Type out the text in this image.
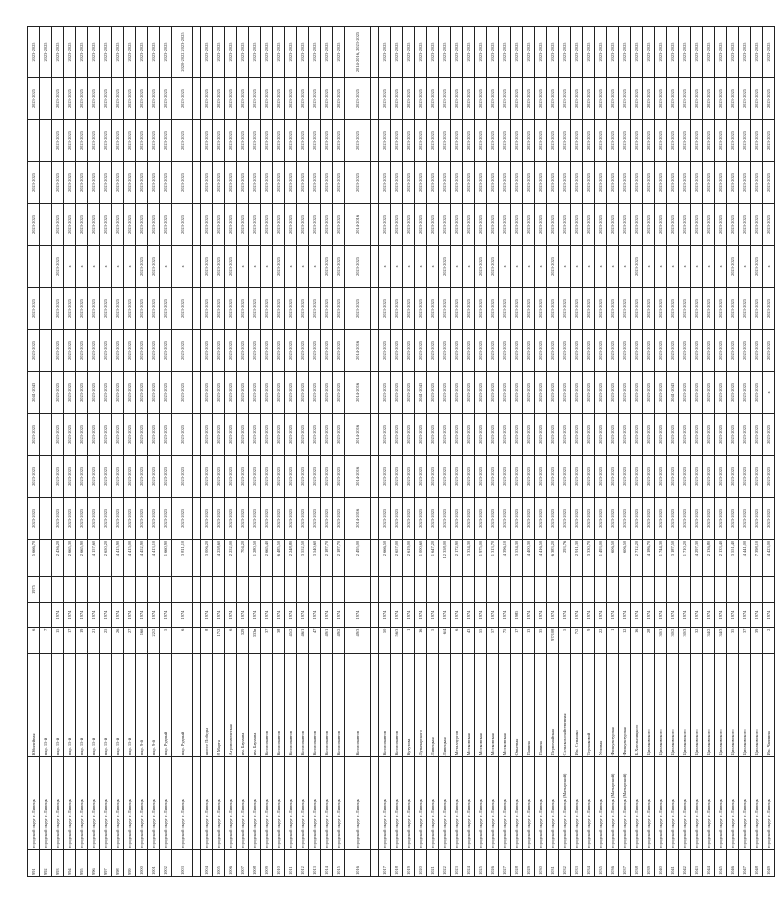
991	городской округ г. Липецк	Юбилейная	6		1975	5 666,70	2023-2025	2023-2025	2023-2025	2041-2043	2023-2025	2023-2025		2023-2025	2023-2025		2023-2025	2023-2025
992	городской округ г. Липецк	мкр. 15-й	7															2023-2025
993	городской округ г. Липецк	мкр. 15-й	15	1974		2 436,20	2023-2025	2023-2025	2023-2025	2023-2025	2023-2025	2023-2025	2023-2025	2023-2025	2023-2025	2023-2025	2023-2025	2023-2025
994	городской округ г. Липецк	мкр. 15-й	17	1974		2 665,30	2023-2025	2023-2025	2023-2025	2023-2025	2023-2025	2023-2025	х	2023-2025	2023-2025	2023-2025	2023-2025	2023-2025
995	городской округ г. Липецк	мкр. 15-й	19	1974		2 665,90	2023-2025	2023-2025	2023-2025	2023-2025	2023-2025	2023-2025	х	2023-2025	2023-2025	2023-2025	2023-2025	2023-2025
996	городской округ г. Липецк	мкр. 15-й	21	1974		4 157,60	2023-2025	2023-2025	2023-2025	2023-2025	2023-2025	2023-2025	х	2023-2025	2023-2025	2023-2025	2023-2025	2023-2025
997	городской округ г. Липецк	мкр. 15-й	25	1974		2 650,20	2023-2025	2023-2025	2023-2025	2023-2025	2023-2025	2023-2025	х	2023-2025	2023-2025	2023-2025	2023-2025	2023-2025
998	городской округ г. Липецк	мкр. 15-й	26	1974		4 415,90	2023-2025	2023-2025	2023-2025	2023-2025	2023-2025	2023-2025	х	2023-2025	2023-2025	2023-2025	2023-2025	2023-2025
999	городской округ г. Липецк	мкр. 15-й	27	1974		4 415,00	2023-2025	2023-2025	2023-2025	2023-2025	2023-2025	2023-2025	х	2023-2025	2023-2025	2023-2025	2023-2025	2023-2025
1000	городской округ г. Липецк	мкр. 9-й	16б	1974		4 452,90	2023-2025	2023-2025	2023-2025	2023-2025	2023-2025	2023-2025	2023-2025	2023-2025	2023-2025	2023-2025	2023-2025	2023-2025
1001	городской округ г. Липецк	мкр. 9-й	22/2	1974		4 413,10	2023-2025	2023-2025	2023-2025	2023-2025	2023-2025	2023-2025	2023-2025	2023-2025	2023-2025	2023-2025	2023-2025	2023-2025
1002	городской округ г. Липецк	мкр. Рудный	5	1974		1 660,90	2023-2025	2023-2025	2023-2025	2023-2025	2023-2025	2023-2025	х	2023-2025	2023-2025	2023-2025	2023-2025	2023-2025
1003	городской округ г. Липецк	мкр. Рудный	6	1974		3 811,10	2023-2025	2023-2025	2023-2025	2023-2025	2023-2025	2023-2025	х	2023-2025	2023-2025	2023-2025	2023-2025	2020-2022 2023-2025

1004	городской округ г. Липецк	шоссе Победы	8	1974		3 006,20	2023-2025	2023-2025	2023-2025	2023-2025	2023-2025	2023-2025	2023-2025	2023-2025	2023-2025	2023-2025	2023-2025	2023-2025
1005	городской округ г. Липецк	8 Марта	17/2	1974		4 258,60	2023-2025	2023-2025	2023-2025	2023-2025	2023-2025	2023-2025	2023-2025	2023-2025	2023-2025	2023-2025	2023-2025	2023-2025
1006	городской округ г. Липецк	Агрономическая	6	1974		2 252,00	2023-2025	2023-2025	2023-2025	2023-2025	2023-2025	2023-2025	2023-2025	2023-2025	2023-2025	2023-2025	2023-2025	2023-2025
1007	городской округ г. Липецк	им. Баумана	329	1974		704,20	2023-2025	2023-2025	2023-2025	2023-2025	2023-2025	2023-2025	х	2023-2025	2023-2025	2023-2025	2023-2025	2023-2025
1008	городской округ г. Липецк	им. Баумана	333в	1974		1 280,50	2023-2025	2023-2025	2023-2025	2023-2025	2023-2025	2023-2025	х	2023-2025	2023-2025	2023-2025	2023-2025	2023-2025
1009	городской округ г. Липецк	Космонавтов	37	1974		2 665,40	2023-2025	2023-2025	2023-2025	2023-2025	2023-2025	2023-2025	х	2023-2025	2023-2025	2023-2025	2023-2025	2023-2025
1010	городской округ г. Липецк	Космонавтов	38	1974		6 485,50	2023-2025	2023-2025	2023-2025	2023-2025	2023-2025	2023-2025	2023-2025	2023-2025	2023-2025	2023-2025	2023-2025	2023-2025
1011	городской округ г. Липецк	Космонавтов	45/2	1974		2 248,80	2023-2025	2023-2025	2023-2025	2023-2025	2023-2025	2023-2025	х	2023-2025	2023-2025	2023-2025	2023-2025	2023-2025
1012	городской округ г. Липецк	Космонавтов	46/1	1974		3 552,50	2023-2025	2023-2025	2023-2025	2023-2025	2023-2025	2023-2025	х	2023-2025	2023-2025	2023-2025	2023-2025	2023-2025
1013	городской округ г. Липецк	Космонавтов	47	1974		3 540,60	2023-2025	2023-2025	2023-2025	2023-2025	2023-2025	2023-2025	х	2023-2025	2023-2025	2023-2025	2023-2025	2023-2025
1014	городской округ г. Липецк	Космонавтов	49/1	1974		2 187,70	2023-2025	2023-2025	2023-2025	2023-2025	2023-2025	2023-2025	2023-2025	2023-2025	2023-2025	2023-2025	2023-2025	2023-2025
1015	городской округ г. Липецк	Космонавтов	49/2	1974		2 187,70	2023-2025	2023-2025	2023-2025	2023-2025	2023-2025	2023-2025	2023-2025	2023-2025	2023-2025	2023-2025	2023-2025	2023-2025
1016	городской округ г. Липецк	Космонавтов	49/3	1974		2 495,00	2014-2016	2014-2016	2014-2016	2014-2016	2014-2016	2023-2025	2023-2025	2014-2016	2023-2025	2023-2025	2023-2025	2014-2016, 2023-2025

1017	городской округ г. Липецк	Космонавтов	50	1974		2 666,50	2023-2025	2023-2025	2023-2025	2023-2025	2023-2025	2023-2025	х	2023-2025	2023-2025	2023-2025	2023-2025	2023-2025
1018	городской округ г. Липецк	Космонавтов	56/3	1974		2 657,00	2023-2025	2023-2025	2023-2025	2023-2025	2023-2025	2023-2025	х	2023-2025	2023-2025	2023-2025	2023-2025	2023-2025
1019	городской округ г. Липецк	Кутузова	1	1974		2 619,00	2023-2025	2023-2025	2023-2025	2023-2025	2023-2025	2023-2025	х	2023-2025	2023-2025	2023-2025	2023-2025	2023-2025
1020	городской округ г. Липецк	Луначарского	16	1974		1 000,60	2023-2025	2023-2025	2023-2025	2041-2043	2023-2025	2023-2025	х	2023-2025	2023-2025	2023-2025	2023-2025	2023-2025
1021	городской округ г. Липецк	Липецкая	5	1974		1 647,20	2023-2025	2023-2025	2023-2025	2023-2025	2023-2025	2023-2025	х	2023-2025	2023-2025	2023-2025	2023-2025	2023-2025
1022	городской округ г. Липецк	Липецкая	6/4	1974		12 358,00	2023-2025	2023-2025	2023-2025	2023-2025	2023-2025	2023-2025	2023-2025	2023-2025	2023-2025	2023-2025	2023-2025	2023-2025
1023	городской округ г. Липецк	Металлургов	6	1974		2 172,90	2023-2025	2023-2025	2023-2025	2023-2025	2023-2025	2023-2025	х	2023-2025	2023-2025	2023-2025	2023-2025	2023-2025
1024	городской округ г. Липецк	Московская	43	1974		3 334,30	2023-2025	2023-2025	2023-2025	2023-2025	2023-2025	2023-2025	х	2023-2025	2023-2025	2023-2025	2023-2025	2023-2025
1025	городской округ г. Липецк	Московская	55	1974		1 975,00	2023-2025	2023-2025	2023-2025	2023-2025	2023-2025	2023-2025	2023-2025	2023-2025	2023-2025	2023-2025	2023-2025	2023-2025
1026	городской округ г. Липецк	Московская	57	1974		1 313,70	2023-2025	2023-2025	2023-2025	2023-2025	2023-2025	2023-2025	2023-2025	2023-2025	2023-2025	2023-2025	2023-2025	2023-2025
1027	городской округ г. Липецк	Московская	75	1974		4 396,10	2023-2025	2023-2025	2023-2025	2023-2025	2023-2025	2023-2025	х	2023-2025	2023-2025	2023-2025	2023-2025	2023-2025
1028	городской округ г. Липецк	Опытная	17	1985		3 534,30	2023-2025	2023-2025	2023-2025	2023-2025	2023-2025	2023-2025	х	2023-2025	2023-2025	2023-2025	2023-2025	2023-2025
1029	городской округ г. Липецк	Папина	13	1974		4 400,30	2023-2025	2023-2025	2023-2025	2023-2025	2023-2025	2023-2025	х	2023-2025	2023-2025	2023-2025	2023-2025	2023-2025
1030	городской округ г. Липецк	Папина	35	1974		4 416,50	2023-2025	2023-2025	2023-2025	2023-2025	2023-2025	2023-2025	х	2023-2025	2023-2025	2023-2025	2023-2025	2023-2025
1031	городской округ г. Липецк	Первомайская	97/108	1974		6 383,20	2023-2025	2023-2025	2023-2025	2023-2025	2023-2025	2023-2025	2023-2025	2023-2025	2023-2025	2023-2025	2023-2025	2023-2025
1032	городской округ г. Липецк (Матырский)	Сельскохозяйственная	5	1974		293,76	2023-2025	2023-2025	2023-2025	2023-2025	2023-2025	2023-2025	х	2023-2025	2023-2025	2023-2025	2023-2025	2023-2025
1033	городской округ г. Липецк	Им. Семашко	7/2	1974		2 911,30	2023-2025	2023-2025	2023-2025	2023-2025	2023-2025	2023-2025	х	2023-2025	2023-2025	2023-2025	2023-2025	2023-2025
1034	городской округ г. Липецк	Терешковой	9	1974		3 330,70	2023-2025	2023-2025	2023-2025	2023-2025	2023-2025	2023-2025	х	2023-2025	2023-2025	2023-2025	2023-2025	2023-2025
1035	городской округ г. Липецк	Угловая	22	1974		1 493,00	2023-2025	2023-2025	2023-2025	2023-2025	2023-2025	2023-2025	х	2023-2025	2023-2025	2023-2025	2023-2025	2023-2025
1036	городской округ г. Липецк (Матырский)	Физкультурная	1	1974		606,50	2023-2025	2023-2025	2023-2025	2023-2025	2023-2025	2023-2025	х	2023-2025	2023-2025	2023-2025	2023-2025	2023-2025
1037	городской округ г. Липецк (Матырский)	Физкультурная	12	1974		606,50	2023-2025	2023-2025	2023-2025	2023-2025	2023-2025	2023-2025	х	2023-2025	2023-2025	2023-2025	2023-2025	2023-2025
1038	городской округ г. Липецк	Б.Хмельницкого	16	1974		2 712,20	2023-2025	2023-2025	2023-2025	2023-2025	2023-2025	2023-2025	2023-2025	2023-2025	2023-2025	2023-2025	2023-2025	2023-2025
1039	городской округ г. Липецк	Циолковского	28	1974		4 186,70	2023-2025	2023-2025	2023-2025	2023-2025	2023-2025	2023-2025	х	2023-2025	2023-2025	2023-2025	2023-2025	2023-2025
1040	городской округ г. Липецк	Циолковского	30/1	1974		1 744,30	2023-2025	2023-2025	2023-2025	2023-2025	2023-2025	2023-2025	х	2023-2025	2023-2025	2023-2025	2023-2025	2023-2025
1041	городской округ г. Липецк	Циолковского	30/2	1974		3 187,50	2023-2025	2023-2025	2023-2025	2041-2043	2023-2025	2023-2025	х	2023-2025	2023-2025	2023-2025	2023-2025	2023-2025
1042	городской округ г. Липецк	Циолковского	30/3	1974		1 710,20	2023-2025	2023-2025	2023-2025	2023-2025	2023-2025	2023-2025	х	2023-2025	2023-2025	2023-2025	2023-2025	2023-2025
1043	городской округ г. Липецк	Циолковского	32	1974		4 297,30	2023-2025	2023-2025	2023-2025	2023-2025	2023-2025	2023-2025	х	2023-2025	2023-2025	2023-2025	2023-2025	2023-2025
1044	городской округ г. Липецк	Циолковского	34/2	1974		2 136,80	2023-2025	2023-2025	2023-2025	2023-2025	2023-2025	2023-2025	х	2023-2025	2023-2025	2023-2025	2023-2025	2023-2025
1045	городской округ г. Липецк	Циолковского	34/3	1974		2 133,40	2023-2025	2023-2025	2023-2025	2023-2025	2023-2025	2023-2025	х	2023-2025	2023-2025	2023-2025	2023-2025	2023-2025
1046	городской округ г. Липецк	Циолковского	35	1974		3 551,40	2023-2025	2023-2025	2023-2025	2023-2025	2023-2025	2023-2025	2023-2025	2023-2025	2023-2025	2023-2025	2023-2025	2023-2025
1047	городской округ г. Липецк	Циолковского	37	1974		4 441,00	2023-2025	2023-2025	2023-2025	2023-2025	2023-2025	2023-2025	х	2023-2025	2023-2025	2023-2025	2023-2025	2023-2025
1048	городской округ г. Липецк	Циолковского	39	1974		7 398,10	2023-2025	2023-2025	2023-2025	2023-2025	2023-2025	2023-2025	2023-2025	2023-2025	2023-2025	2023-2025	2023-2025	2023-2025
1049	городской округ г. Липецк	Им. Чаплина	2	1974		4 423,00	2023-2025	2023-2025	2023-2025	х	2023-2025	2023-2025	х	2023-2025	2023-2025	2023-2025	2023-2025	2023-2025
